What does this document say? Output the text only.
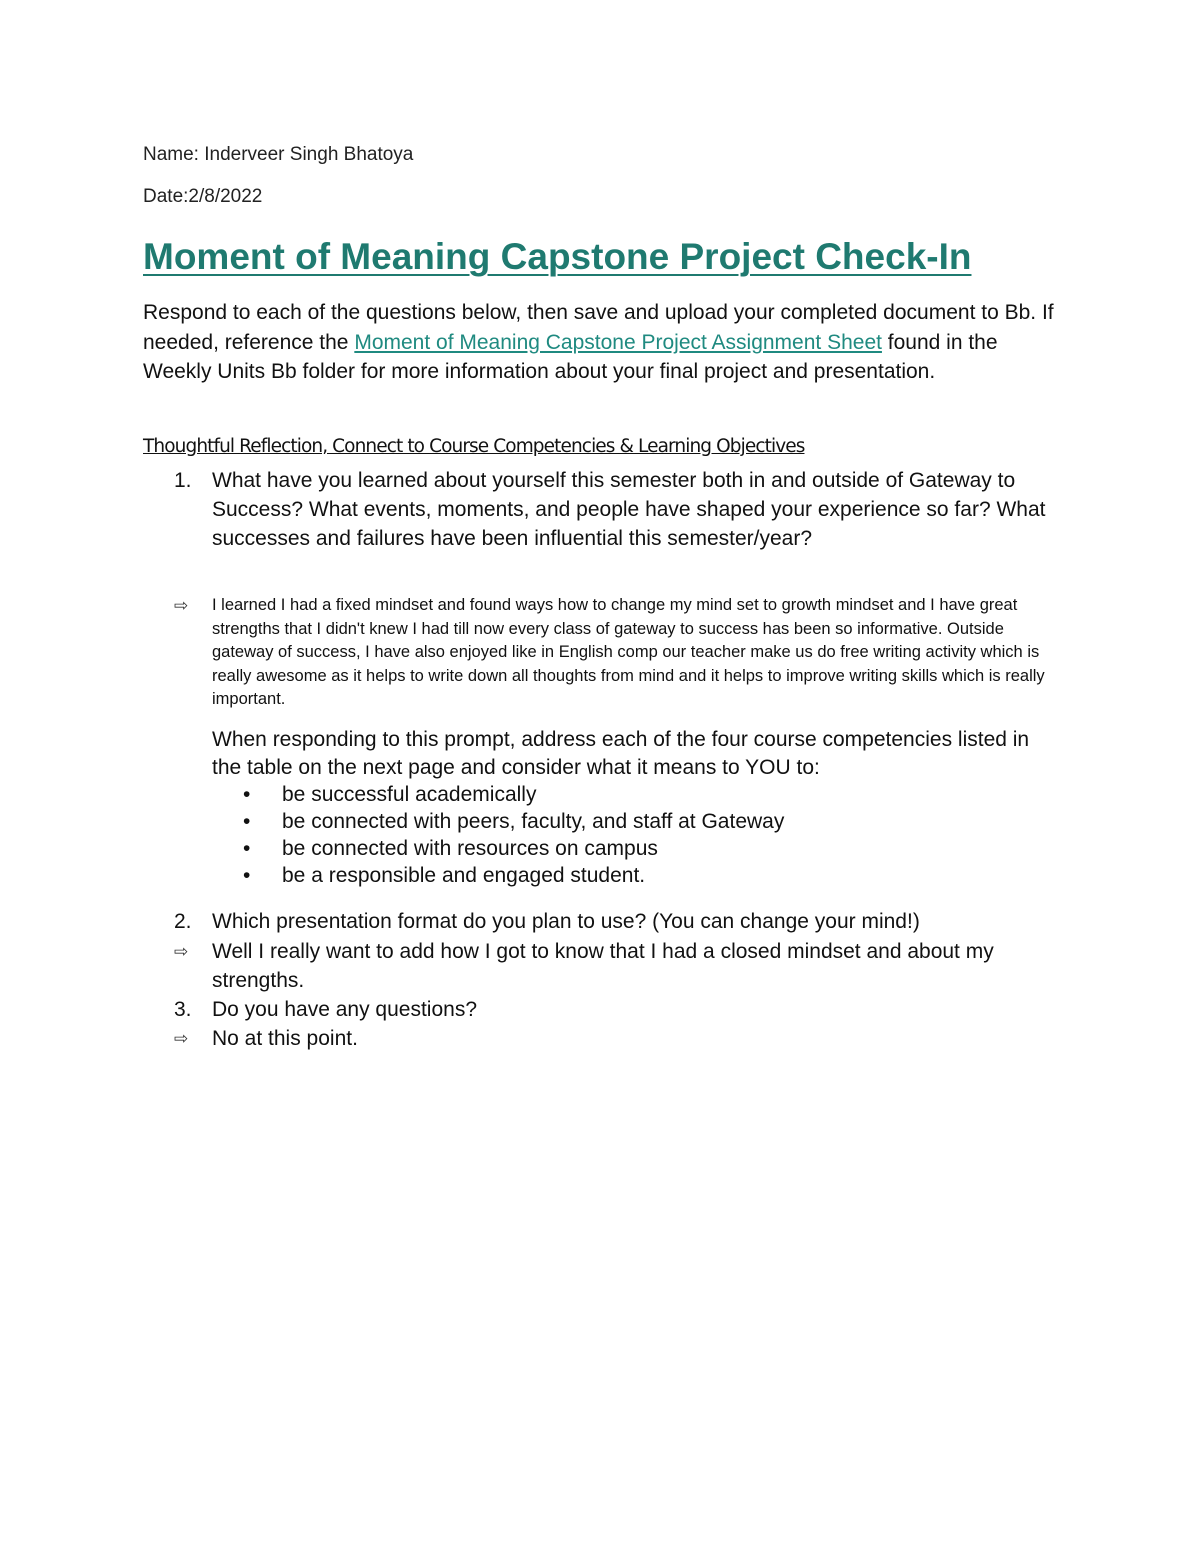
Name: Inderveer Singh Bhatoya
Date:2/8/2022
Moment of Meaning Capstone Project Check-In
Respond to each of the questions below, then save and upload your completed document to Bb. If needed, reference the Moment of Meaning Capstone Project Assignment Sheet found in the Weekly Units Bb folder for more information about your final project and presentation.
Thoughtful Reflection, Connect to Course Competencies & Learning Objectives
1. What have you learned about yourself this semester both in and outside of Gateway to Success? What events, moments, and people have shaped your experience so far? What successes and failures have been influential this semester/year?
⇨ I learned I had a fixed mindset and found ways how to change my mind set to growth mindset and I have great strengths that I didn't knew I had till now every class of gateway to success has been so informative. Outside gateway of success, I have also enjoyed like in English comp our teacher make us do free writing activity which is really awesome as it helps to write down all thoughts from mind and it helps to improve writing skills which is really important.
When responding to this prompt, address each of the four course competencies listed in the table on the next page and consider what it means to YOU to:
• be successful academically
• be connected with peers, faculty, and staff at Gateway
• be connected with resources on campus
• be a responsible and engaged student.
2. Which presentation format do you plan to use? (You can change your mind!)
⇨ Well I really want to add how I got to know that I had a closed mindset and about my strengths.
3. Do you have any questions?
⇨ No at this point.
